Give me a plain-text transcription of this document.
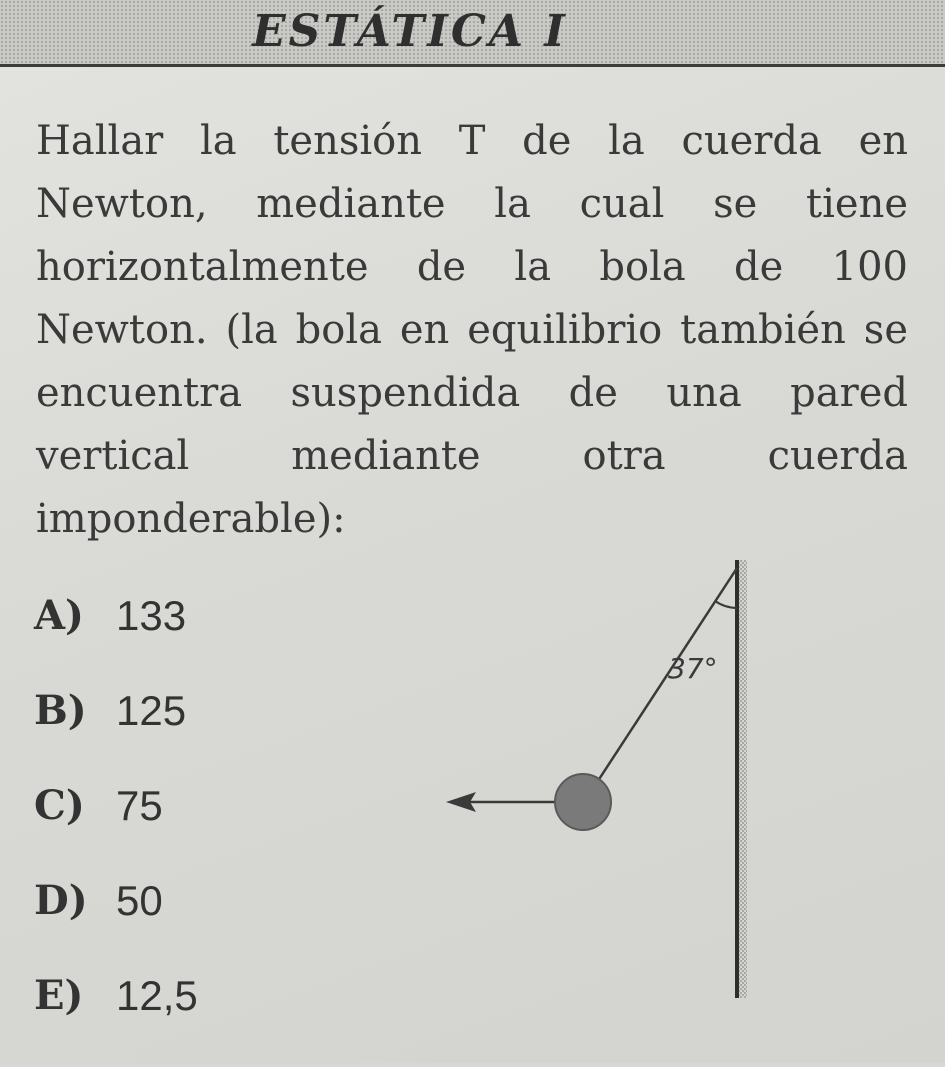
ESTÁTICA I

Hallar la tensión T de la cuerda en Newton, mediante la cual se tiene horizontalmente de la bola de 100 Newton. (la bola en equilibrio también se encuentra suspendida de una pared vertical mediante otra cuerda imponderable):

A) 133
B) 125
C) 75
D) 50
E) 12,5
37°
